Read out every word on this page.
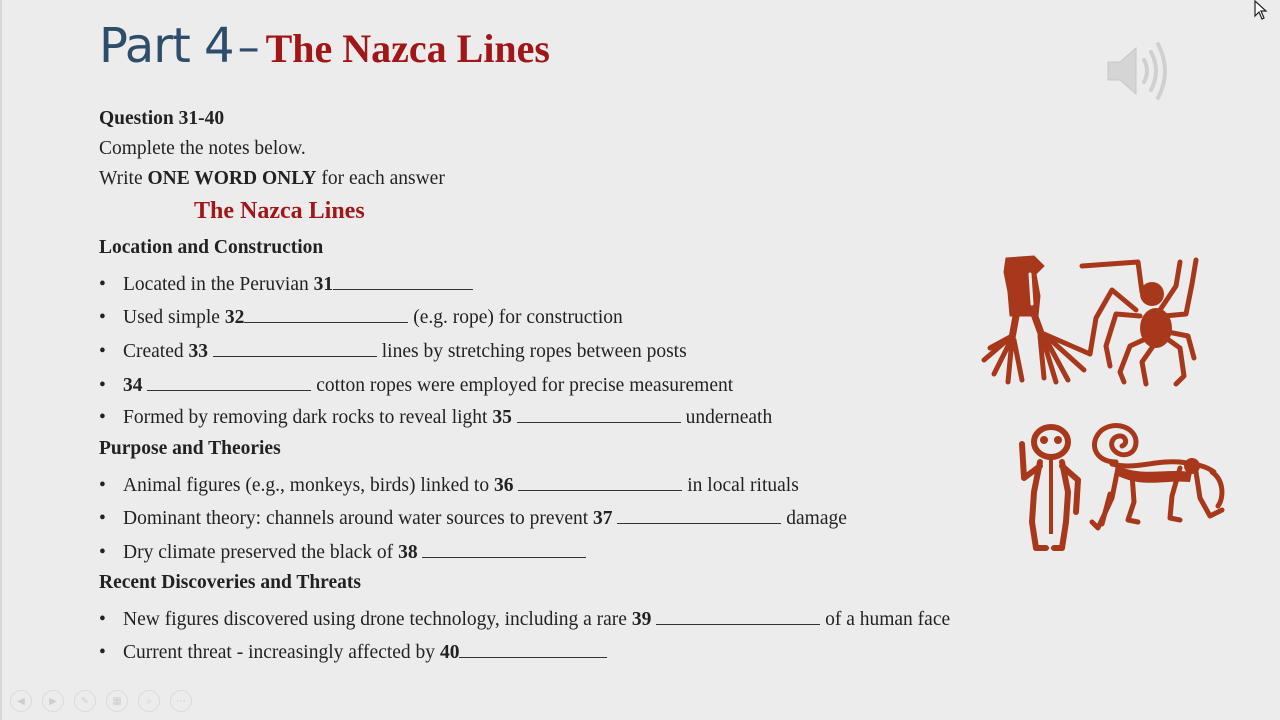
Part 4– The Nazca Lines
Question 31-40
Complete the notes below.
Write ONE WORD ONLY for each answer
The Nazca Lines
Location and Construction
• Located in the Peruvian 31
• Used simple 32	(e.g. rope) for construction
• Created 33	lines by stretching ropes between posts
• 34	cotton ropes were employed for precise measurement
• Formed by removing dark rocks to reveal light 35	underneath
Purpose and Theories
• Animal figures (e.g., monkeys, birds) linked to 36	in local rituals
• Dominant theory: channels around water sources to prevent 37	damage
• Dry climate preserved the black of 38
Recent Discoveries and Threats
• New figures discovered using drone technology, including a rare 39	of a human face
• Current threat - increasingly affected by 40
◀	▶	✎	▦	⌕	⋯
